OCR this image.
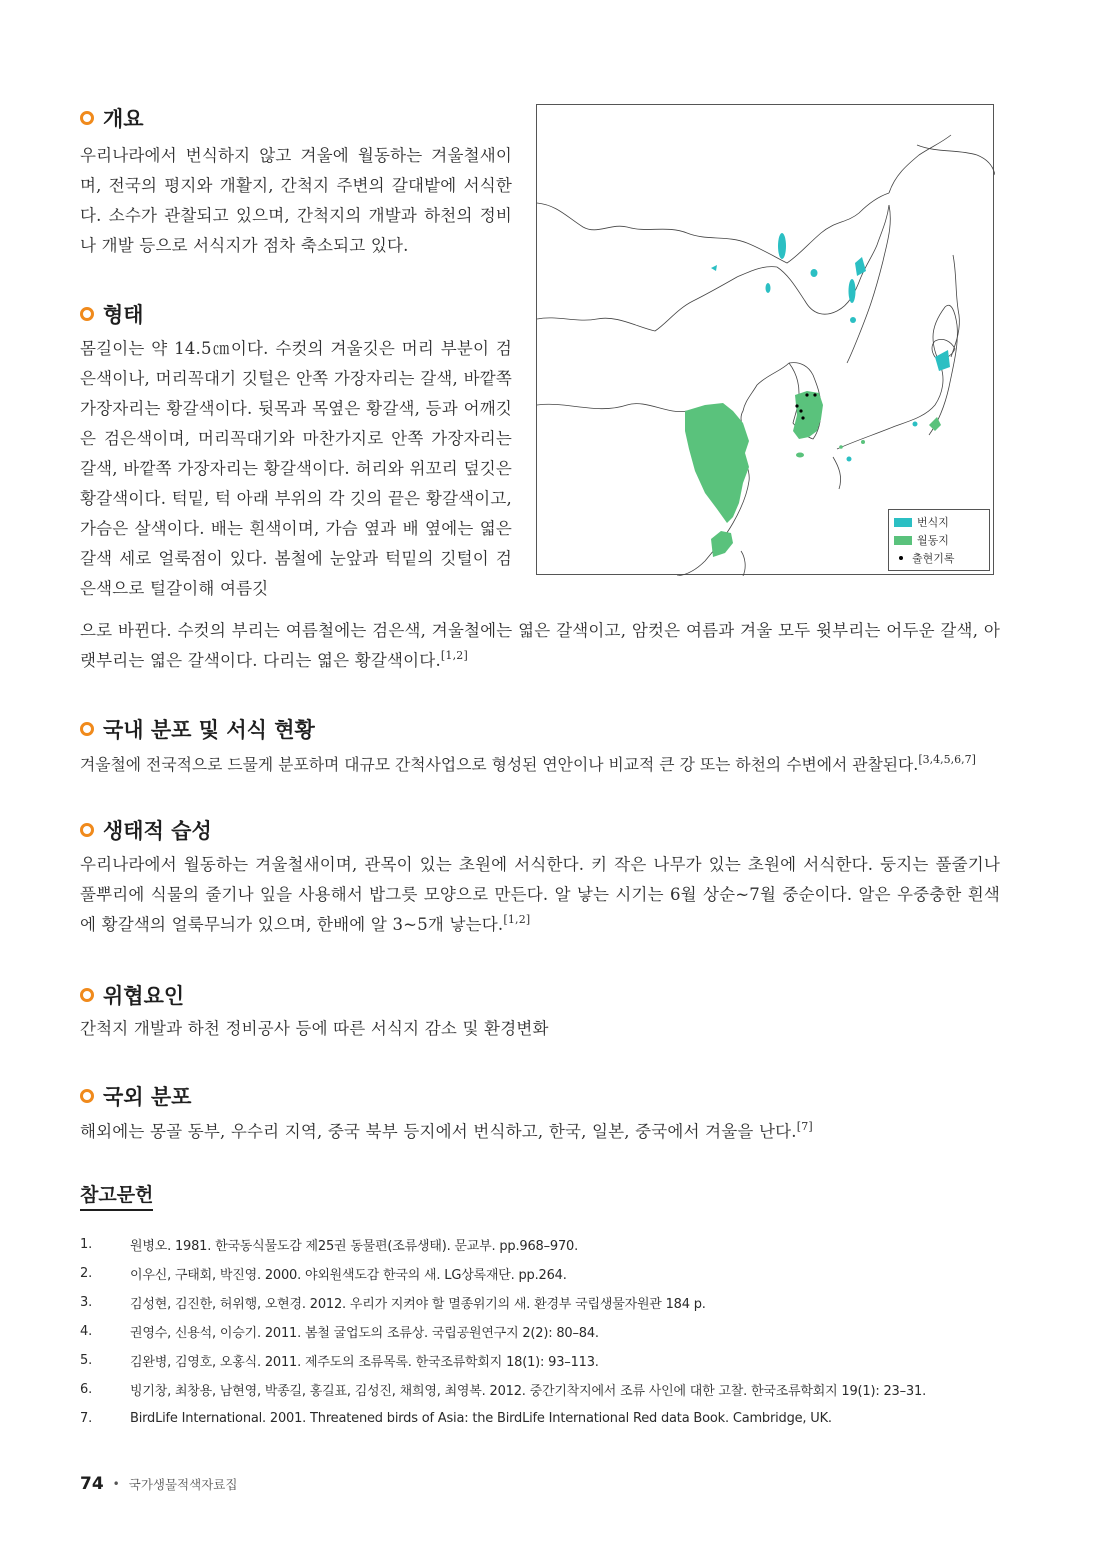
개요

우리나라에서 번식하지 않고 겨울에 월동하는 겨울철새이며, 전국의 평지와 개활지, 간척지 주변의 갈대밭에 서식한다. 소수가 관찰되고 있으며, 간척지의 개발과 하천의 정비나 개발 등으로 서식지가 점차 축소되고 있다.

형태

몸길이는 약 14.5㎝이다. 수컷의 겨울깃은 머리 부분이 검은색이나, 머리꼭대기 깃털은 안쪽 가장자리는 갈색, 바깥쪽 가장자리는 황갈색이다. 뒷목과 목옆은 황갈색, 등과 어깨깃은 검은색이며, 머리꼭대기와 마찬가지로 안쪽 가장자리는 갈색, 바깥쪽 가장자리는 황갈색이다. 허리와 위꼬리 덮깃은 황갈색이다. 턱밑, 턱 아래 부위의 각 깃의 끝은 황갈색이고, 가슴은 살색이다. 배는 흰색이며, 가슴 옆과 배 옆에는 엷은 갈색 세로 얼룩점이 있다. 봄철에 눈앞과 턱밑의 깃털이 검은색으로 털갈이해 여름깃

으로 바뀐다. 수컷의 부리는 여름철에는 검은색, 겨울철에는 엷은 갈색이고, 암컷은 여름과 겨울 모두 윗부리는 어두운 갈색, 아랫부리는 엷은 갈색이다. 다리는 엷은 황갈색이다.[1,2]

번식지
월동지
출현기록
국내 분포 및 서식 현황

겨울철에 전국적으로 드물게 분포하며 대규모 간척사업으로 형성된 연안이나 비교적 큰 강 또는 하천의 수변에서 관찰된다.[3,4,5,6,7]

생태적 습성

우리나라에서 월동하는 겨울철새이며, 관목이 있는 초원에 서식한다. 키 작은 나무가 있는 초원에 서식한다. 둥지는 풀줄기나 풀뿌리에 식물의 줄기나 잎을 사용해서 밥그릇 모양으로 만든다. 알 낳는 시기는 6월 상순~7월 중순이다. 알은 우중충한 흰색에 황갈색의 얼룩무늬가 있으며, 한배에 알 3~5개 낳는다.[1,2]

위협요인

간척지 개발과 하천 정비공사 등에 따른 서식지 감소 및 환경변화

국외 분포

해외에는 몽골 동부, 우수리 지역, 중국 북부 등지에서 번식하고, 한국, 일본, 중국에서 겨울을 난다.[7]

참고문헌
1.	원병오. 1981. 한국동식물도감 제25권 동물편(조류생태). 문교부. pp.968–970.
2.	이우신, 구태회, 박진영. 2000. 야외원색도감 한국의 새. LG상록재단. pp.264.
3.	김성현, 김진한, 허위행, 오현경. 2012. 우리가 지켜야 할 멸종위기의 새. 환경부 국립생물자원관 184 p.
4.	권영수, 신용석, 이승기. 2011. 봄철 굴업도의 조류상. 국립공원연구지 2(2): 80–84.
5.	김완병, 김영호, 오홍식. 2011. 제주도의 조류목록. 한국조류학회지 18(1): 93–113.
6.	빙기창, 최창용, 남현영, 박종길, 홍길표, 김성진, 채희영, 최영복. 2012. 중간기착지에서 조류 사인에 대한 고찰. 한국조류학회지 19(1): 23–31.
7.	BirdLife International. 2001. Threatened birds of Asia: the BirdLife International Red data Book. Cambridge, UK.
74 • 국가생물적색자료집
